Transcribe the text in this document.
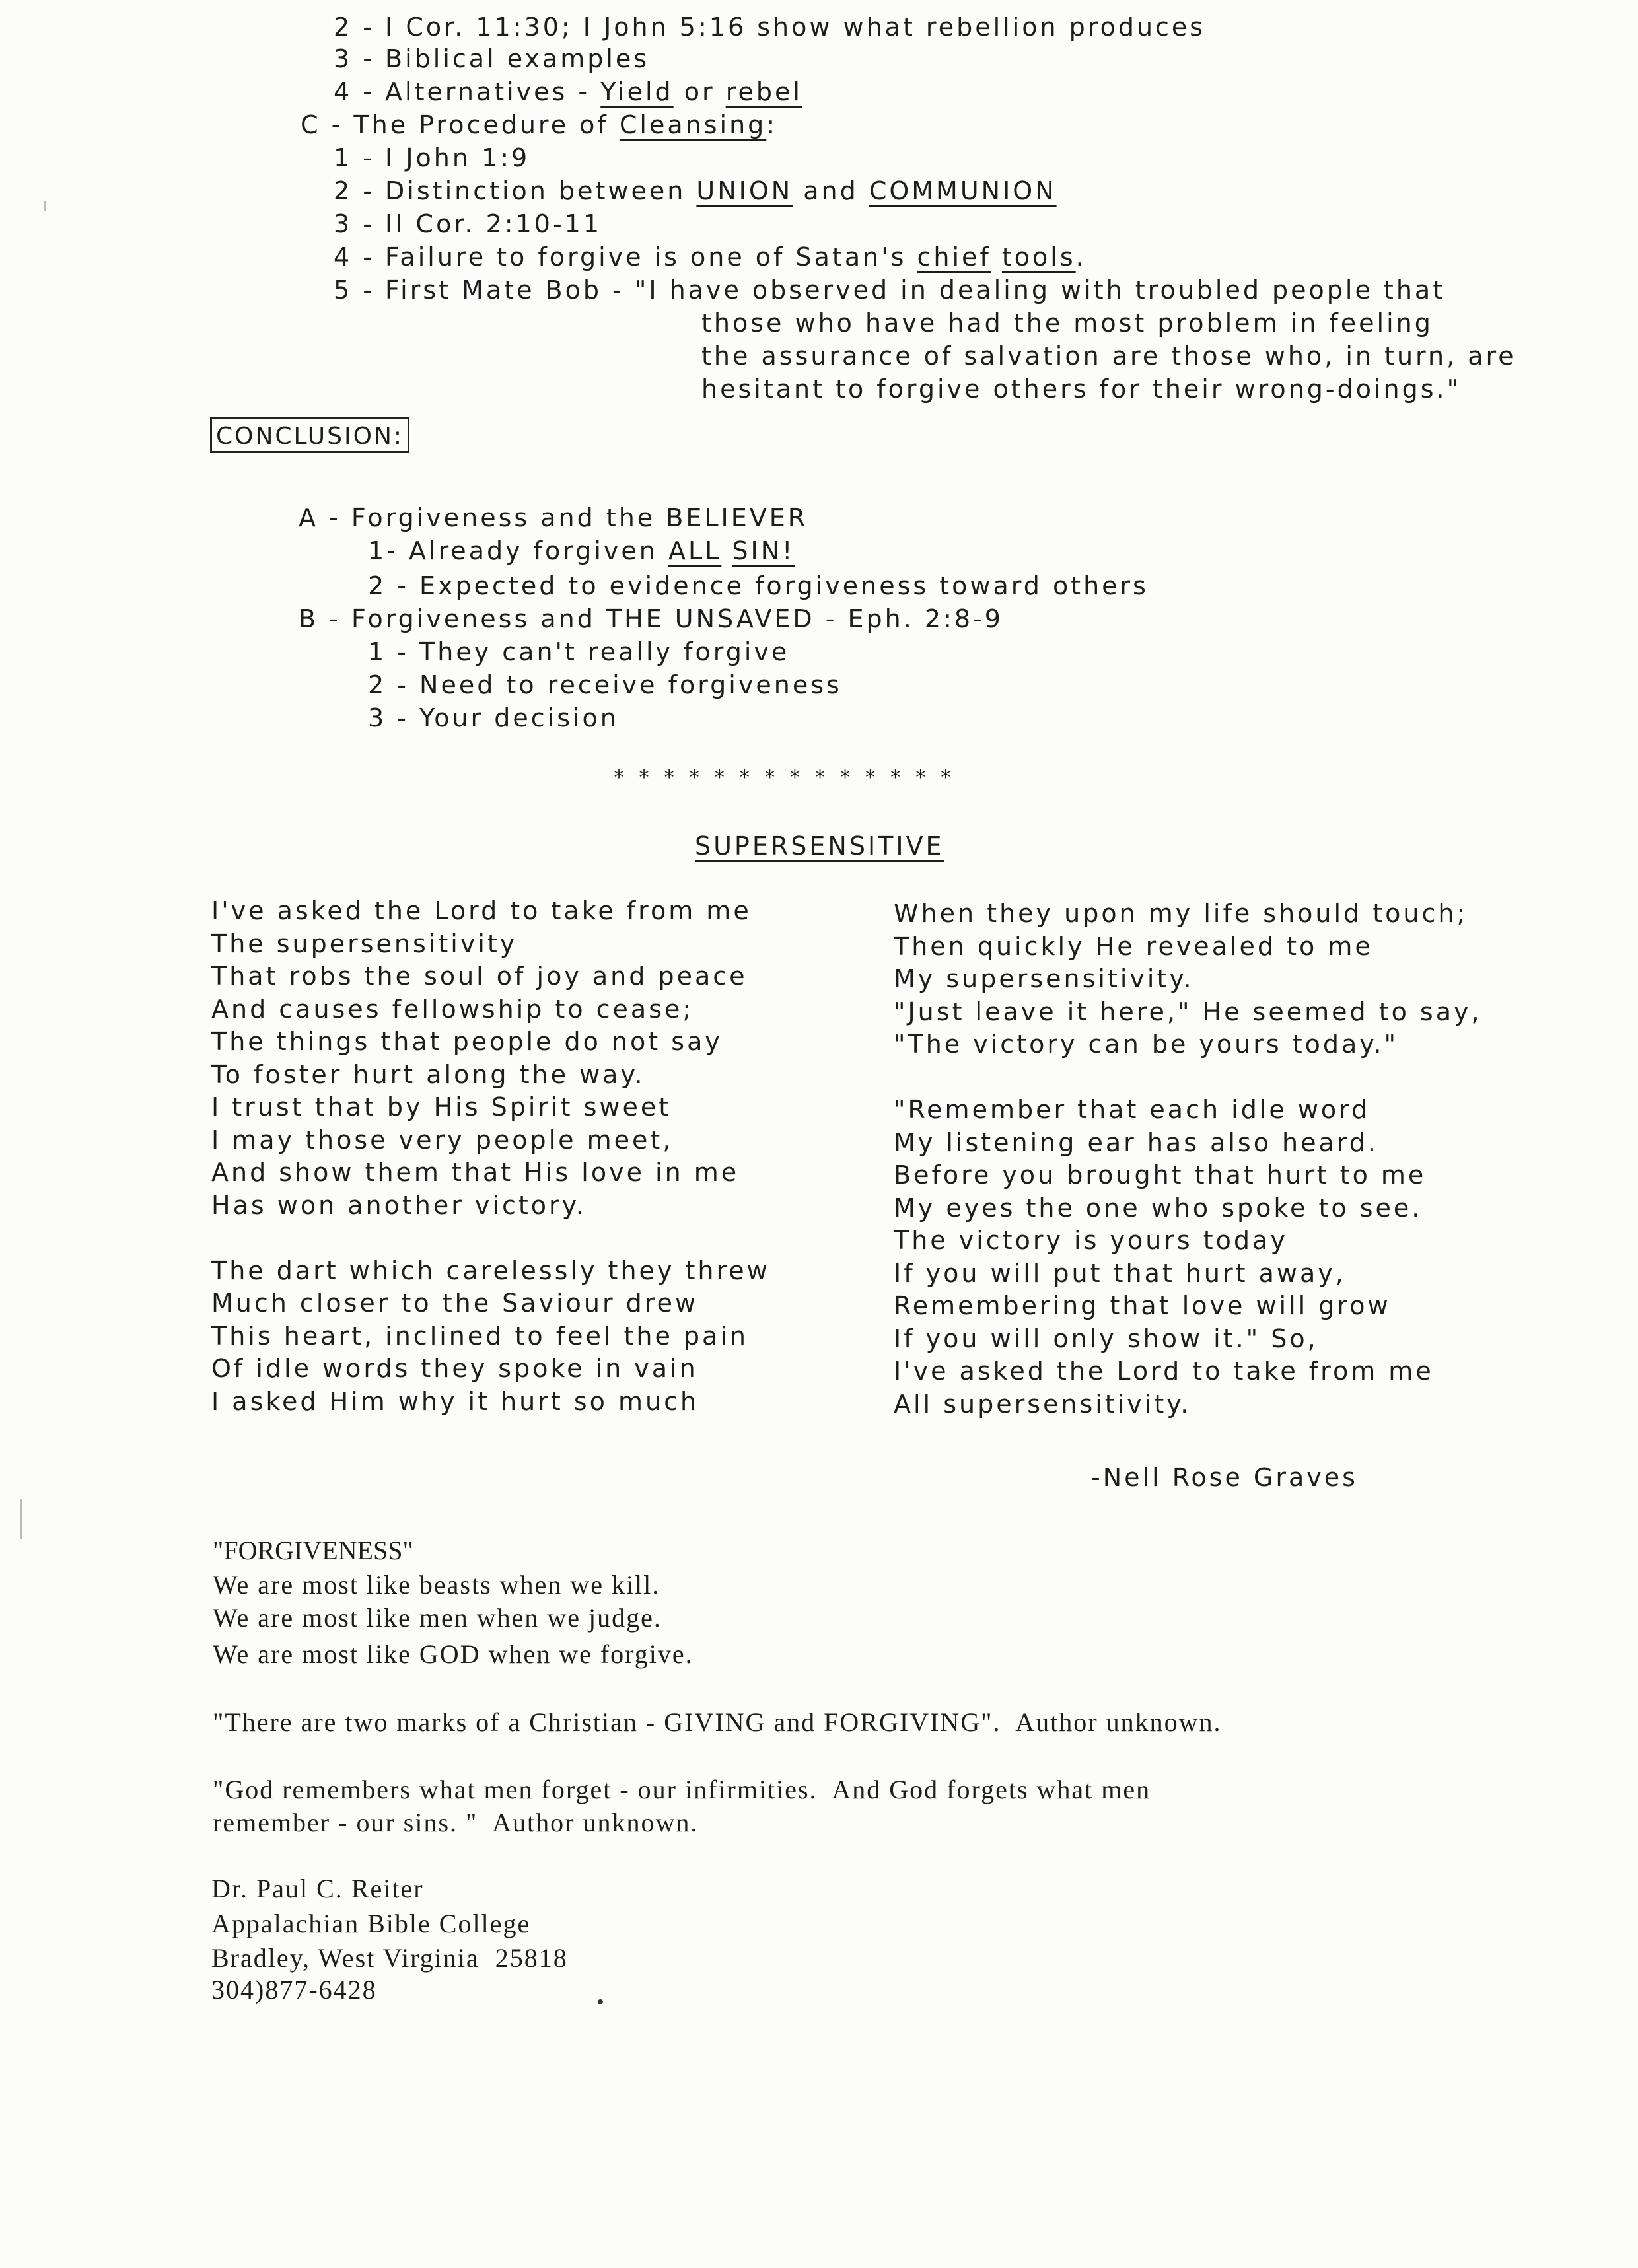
2 - I Cor. 11:30; I John 5:16 show what rebellion produces
3 - Biblical examples
4 - Alternatives - Yield or rebel
C - The Procedure of Cleansing:
1 - I John 1:9
2 - Distinction between UNION and COMMUNION
3 - II Cor. 2:10-11
4 - Failure to forgive is one of Satan's chief tools.
5 - First Mate Bob - "I have observed in dealing with troubled people that
those who have had the most problem in feeling
the assurance of salvation are those who, in turn, are
hesitant to forgive others for their wrong-doings."
CONCLUSION:
A - Forgiveness and the BELIEVER
1- Already forgiven ALL SIN!
2 - Expected to evidence forgiveness toward others
B - Forgiveness and THE UNSAVED - Eph. 2:8-9
1 - They can't really forgive
2 - Need to receive forgiveness
3 - Your decision
**************
SUPERSENSITIVE
I've asked the Lord to take from me
The supersensitivity
That robs the soul of joy and peace
And causes fellowship to cease;
The things that people do not say
To foster hurt along the way.
I trust that by His Spirit sweet
I may those very people meet,
And show them that His love in me
Has won another victory.
The dart which carelessly they threw
Much closer to the Saviour drew
This heart, inclined to feel the pain
Of idle words they spoke in vain
I asked Him why it hurt so much
When they upon my life should touch;
Then quickly He revealed to me
My supersensitivity.
"Just leave it here," He seemed to say,
"The victory can be yours today."
"Remember that each idle word
My listening ear has also heard.
Before you brought that hurt to me
My eyes the one who spoke to see.
The victory is yours today
If you will put that hurt away,
Remembering that love will grow
If you will only show it." So,
I've asked the Lord to take from me
All supersensitivity.
-Nell Rose Graves
"FORGIVENESS"
We are most like beasts when we kill.
We are most like men when we judge.
We are most like GOD when we forgive.
"There are two marks of a Christian - GIVING and FORGIVING".  Author unknown.
"God remembers what men forget - our infirmities.  And God forgets what men
remember - our sins. "  Author unknown.
Dr. Paul C. Reiter
Appalachian Bible College
Bradley, West Virginia  25818
304)877-6428
